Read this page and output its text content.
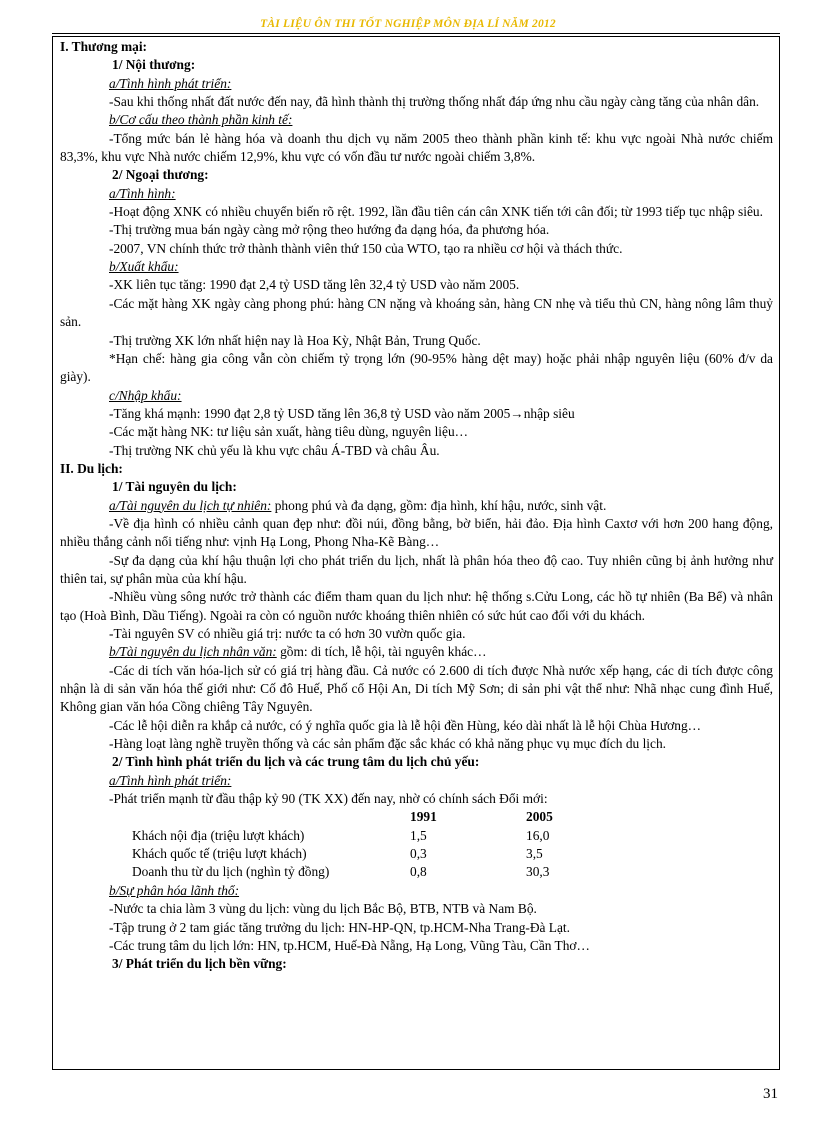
TÀI LIỆU ÔN THI TỐT NGHIỆP MÔN ĐỊA LÍ NĂM 2012

I. Thương mại:

1/ Nội thương:

a/Tình hình phát triển:

-Sau khi thống nhất đất nước đến nay, đã hình thành thị trường thống nhất đáp ứng nhu cầu ngày càng tăng của nhân dân.

b/Cơ cấu theo thành phần kinh tế:

-Tổng mức bán lẻ hàng hóa và doanh thu dịch vụ năm 2005 theo thành phần kinh tế: khu vực ngoài Nhà nước chiếm 83,3%, khu vực Nhà nước chiếm 12,9%, khu vực có vốn đầu tư nước ngoài chiếm 3,8%.

2/ Ngoại thương:

a/Tình hình:

-Hoạt động XNK có nhiều chuyển biến rõ rệt. 1992, lần đầu tiên cán cân XNK tiến tới cân đối; từ 1993 tiếp tục nhập siêu.

-Thị trường mua bán ngày càng mở rộng theo hướng đa dạng hóa, đa phương hóa.

-2007, VN chính thức trở thành thành viên thứ 150 của WTO, tạo ra nhiều cơ hội và thách thức.

b/Xuất khẩu:

-XK liên tục tăng: 1990 đạt 2,4 tỷ USD tăng lên 32,4 tỷ USD vào năm 2005.

-Các mặt hàng XK ngày càng phong phú: hàng CN nặng và khoáng sản, hàng CN nhẹ và tiểu thủ CN, hàng nông lâm thuỷ sản.

-Thị trường XK lớn nhất hiện nay là Hoa Kỳ, Nhật Bản, Trung Quốc.

*Hạn chế: hàng gia công vẫn còn chiếm tỷ trọng lớn (90-95% hàng dệt may) hoặc phải nhập nguyên liệu (60% đ/v da giày).

c/Nhập khẩu:

-Tăng khá mạnh: 1990 đạt 2,8 tỷ USD tăng lên 36,8 tỷ USD vào năm 2005→nhập siêu

-Các mặt hàng NK: tư liệu sản xuất, hàng tiêu dùng, nguyên liệu…

-Thị trường NK chủ yếu là khu vực châu Á-TBD và châu Âu.

II. Du lịch:

1/ Tài nguyên du lịch:

a/Tài nguyên du lịch tự nhiên: phong phú và đa dạng, gồm: địa hình, khí hậu, nước, sinh vật.

-Về địa hình có nhiều cảnh quan đẹp như: đồi núi, đồng bằng, bờ biển, hải đảo. Địa hình Caxtơ với hơn 200 hang động, nhiều thắng cảnh nổi tiếng như: vịnh Hạ Long, Phong Nha-Kẽ Bàng…

-Sự đa dạng của khí hậu thuận lợi cho phát triển du lịch, nhất là phân hóa theo độ cao. Tuy nhiên cũng bị ảnh hưởng như thiên tai, sự phân mùa của khí hậu.

-Nhiều vùng sông nước trở thành các điểm tham quan du lịch như: hệ thống s.Cửu Long, các hồ tự nhiên (Ba Bể) và nhân tạo (Hoà Bình, Dầu Tiếng). Ngoài ra còn có nguồn nước khoáng thiên nhiên có sức hút cao đối với du khách.

-Tài nguyên SV có nhiều giá trị: nước ta có hơn 30 vườn quốc gia.

b/Tài nguyên du lịch nhân văn: gồm: di tích, lễ hội, tài nguyên khác…

-Các di tích văn hóa-lịch sử có giá trị hàng đầu. Cả nước có 2.600 di tích được Nhà nước xếp hạng, các di tích được công nhận là di sản văn hóa thế giới như: Cố đô Huế, Phố cổ Hội An, Di tích Mỹ Sơn; di sản phi vật thể như: Nhã nhạc cung đình Huế, Không gian văn hóa Cồng chiêng Tây Nguyên.

-Các lễ hội diễn ra khắp cả nước, có ý nghĩa quốc gia là lễ hội đền Hùng, kéo dài nhất là lễ hội Chùa Hương…

-Hàng loạt làng nghề truyền thống và các sản phẩm đặc sắc khác có khả năng phục vụ mục đích du lịch.

2/ Tình hình phát triển du lịch và các trung tâm du lịch chủ yếu:

a/Tình hình phát triển:

-Phát triển mạnh từ đầu thập kỷ 90 (TK XX) đến nay, nhờ có chính sách Đổi mới:

	1991	2005
Khách nội địa (triệu lượt khách)	1,5	16,0
Khách quốc tế (triệu lượt khách)	0,3	3,5
Doanh thu từ du lịch (nghìn tỷ đồng)	0,8	30,3

b/Sự phân hóa lãnh thổ:

-Nước ta chia làm 3 vùng du lịch: vùng du lịch Bắc Bộ, BTB, NTB và Nam Bộ.

-Tập trung ở 2 tam giác tăng trưởng du lịch: HN-HP-QN, tp.HCM-Nha Trang-Đà Lạt.

-Các trung tâm du lịch lớn: HN, tp.HCM, Huế-Đà Nẵng, Hạ Long, Vũng Tàu, Cần Thơ…

3/ Phát triển du lịch bền vững:

31
